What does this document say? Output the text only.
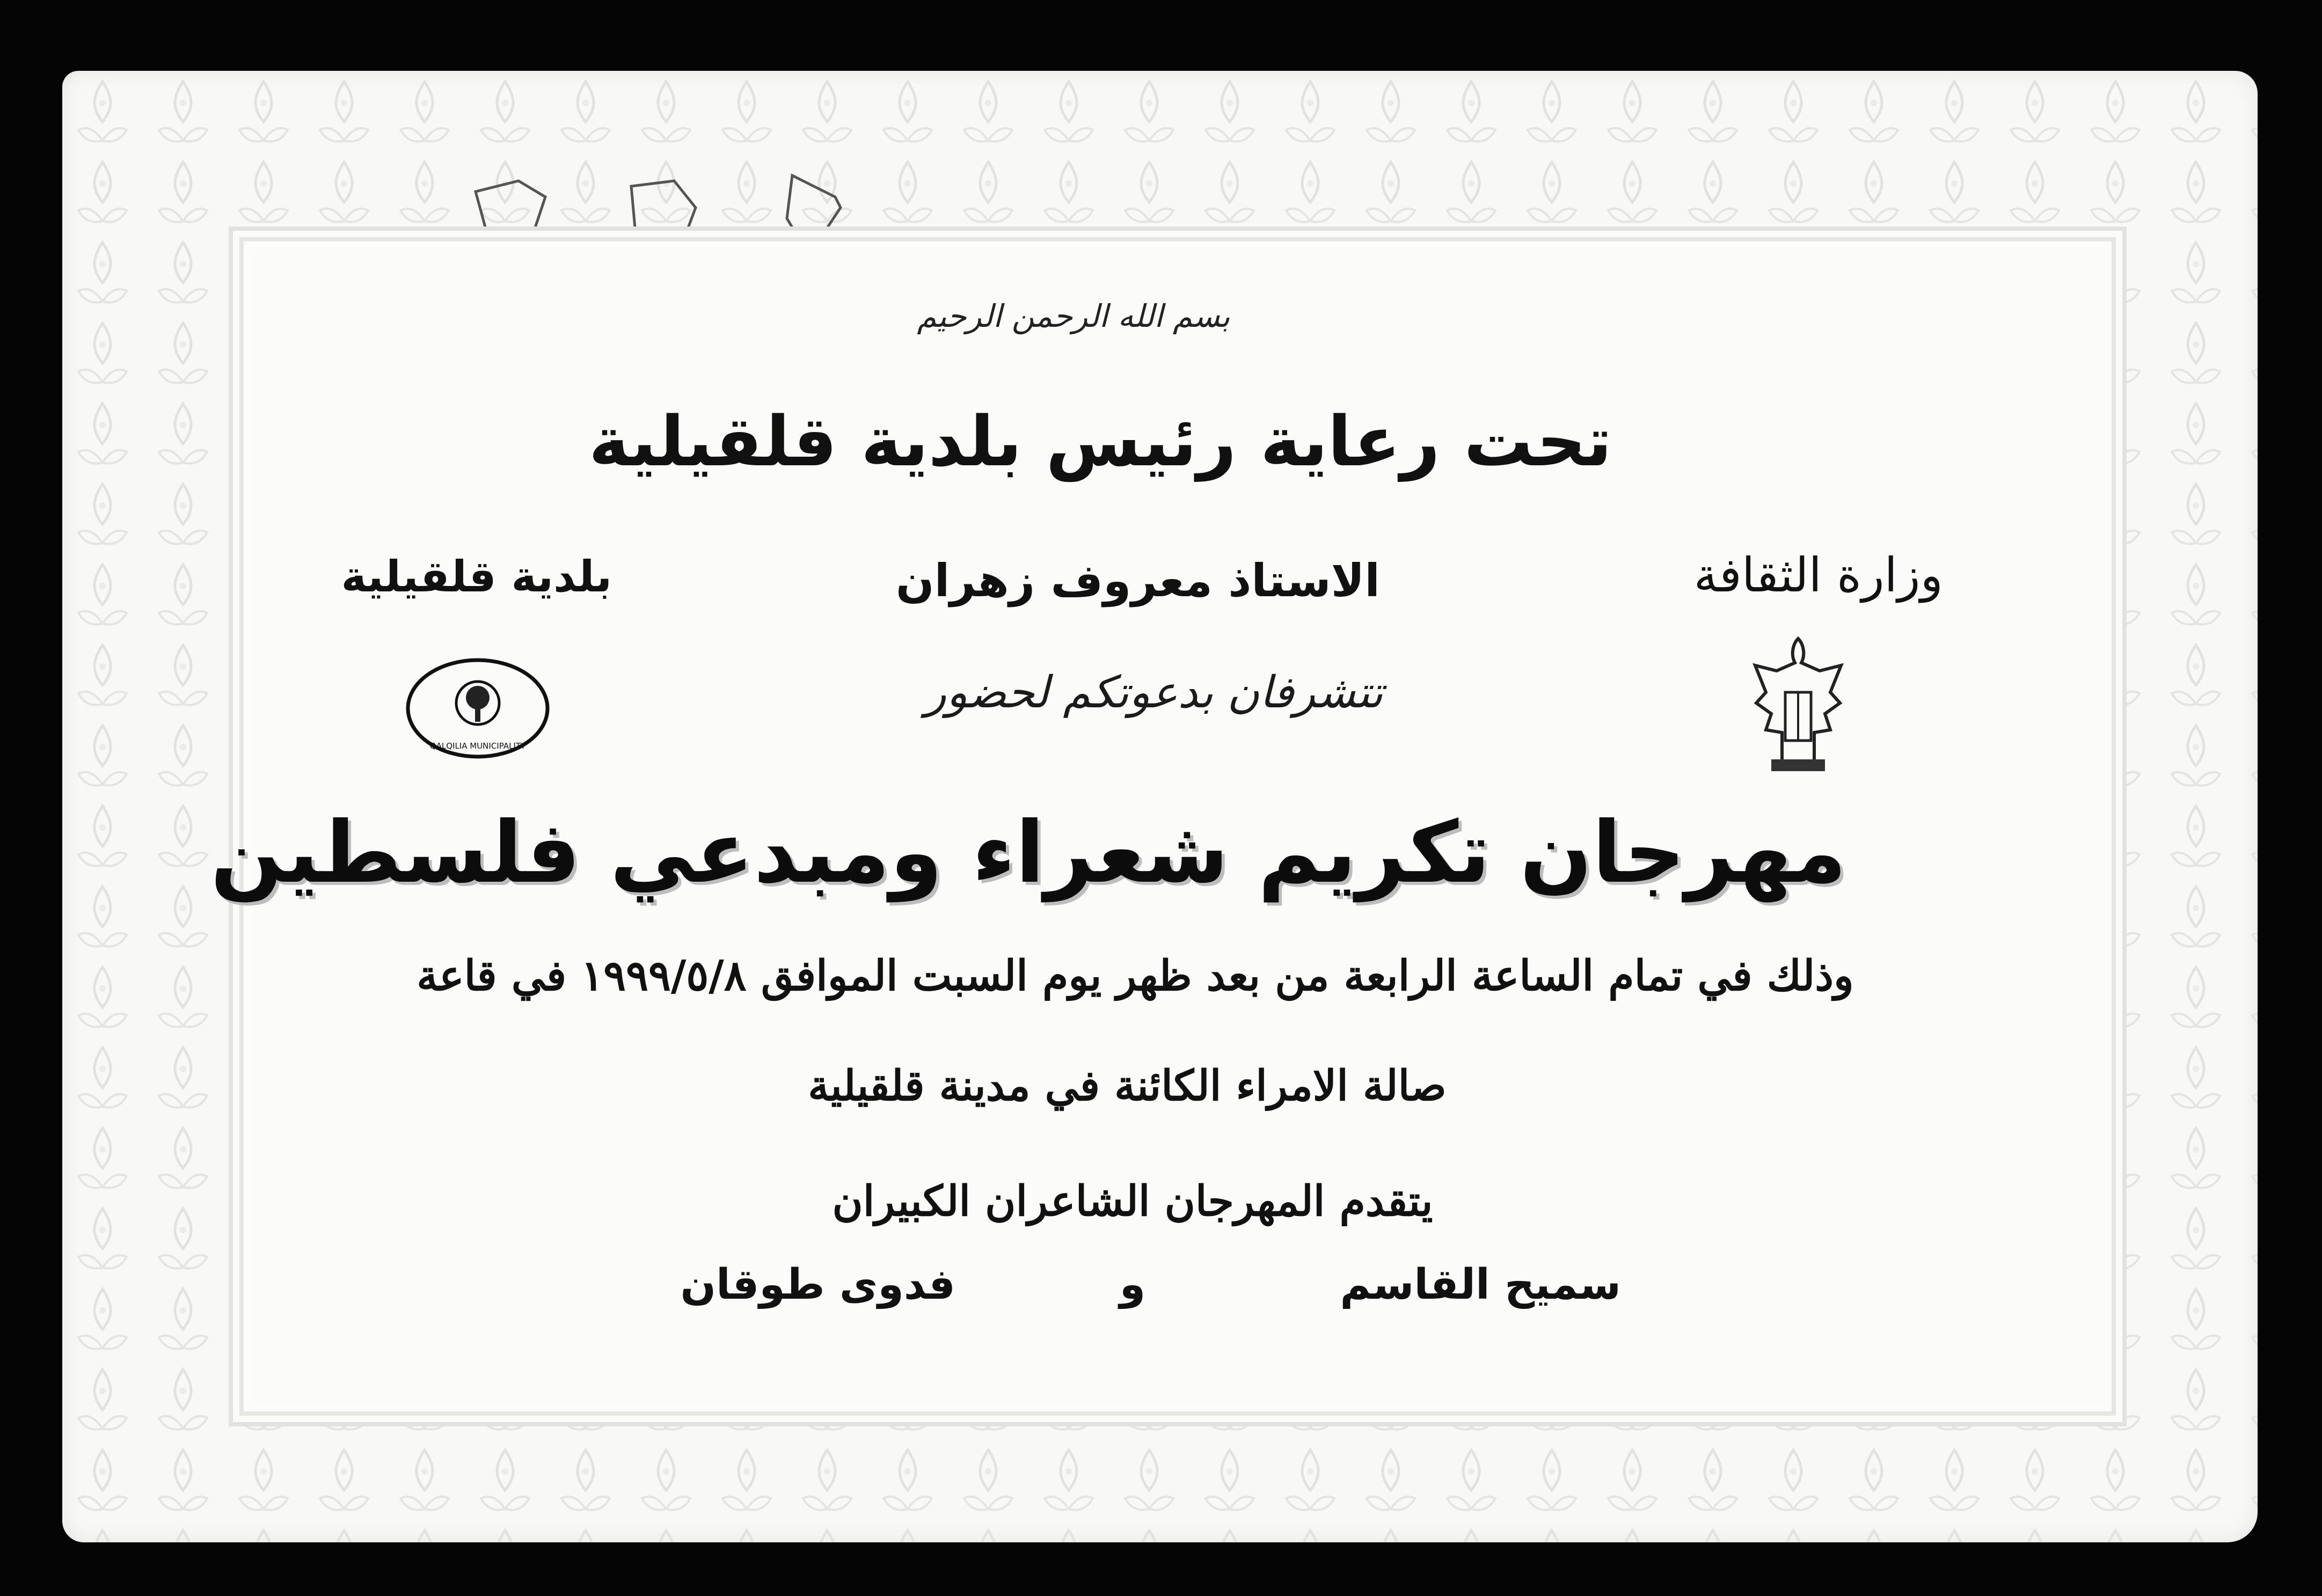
بسم الله الرحمن الرحيم
تحت رعاية رئيس بلدية قلقيلية
الاستاذ معروف زهران	وزارة الثقافة
بلدية قلقيلية
QALQILIA MUNICIPALITY
تتشرفان بدعوتكم لحضور
مهرجان تكريم شعراء ومبدعي فلسطين
وذلك في تمام الساعة الرابعة من بعد ظهر يوم السبت الموافق ١٩٩٩/٥/٨ في قاعة
صالة الامراء الكائنة في مدينة قلقيلية
يتقدم المهرجان الشاعران الكبيران
سميح القاسم
و
فدوى طوقان
